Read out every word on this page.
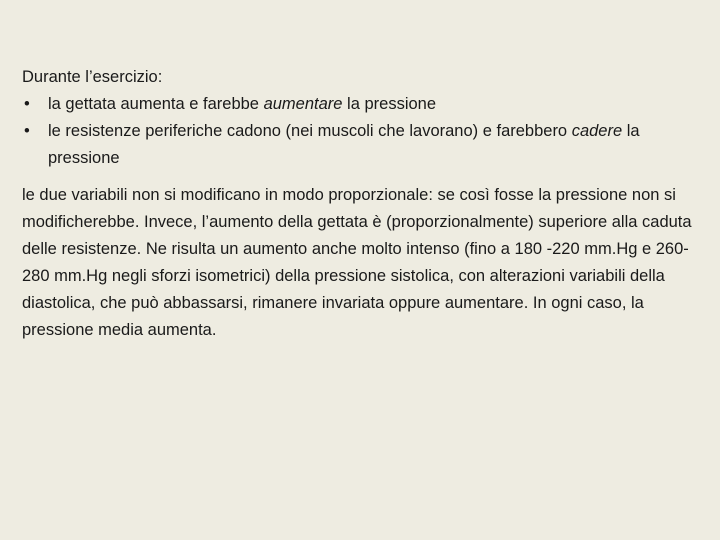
Durante l’esercizio:

• la gettata aumenta e farebbe aumentare la pressione
• le resistenze periferiche cadono (nei muscoli che lavorano) e farebbero cadere la pressione

le due variabili non si modificano in modo proporzionale: se così fosse la pressione non si modificherebbe. Invece, l’aumento della gettata è (proporzionalmente) superiore alla caduta delle resistenze. Ne risulta un aumento anche molto intenso (fino a 180 -220 mm.Hg e 260-280 mm.Hg negli sforzi isometrici) della pressione sistolica, con alterazioni variabili della diastolica, che può abbassarsi, rimanere invariata oppure aumentare. In ogni caso, la pressione media aumenta.
